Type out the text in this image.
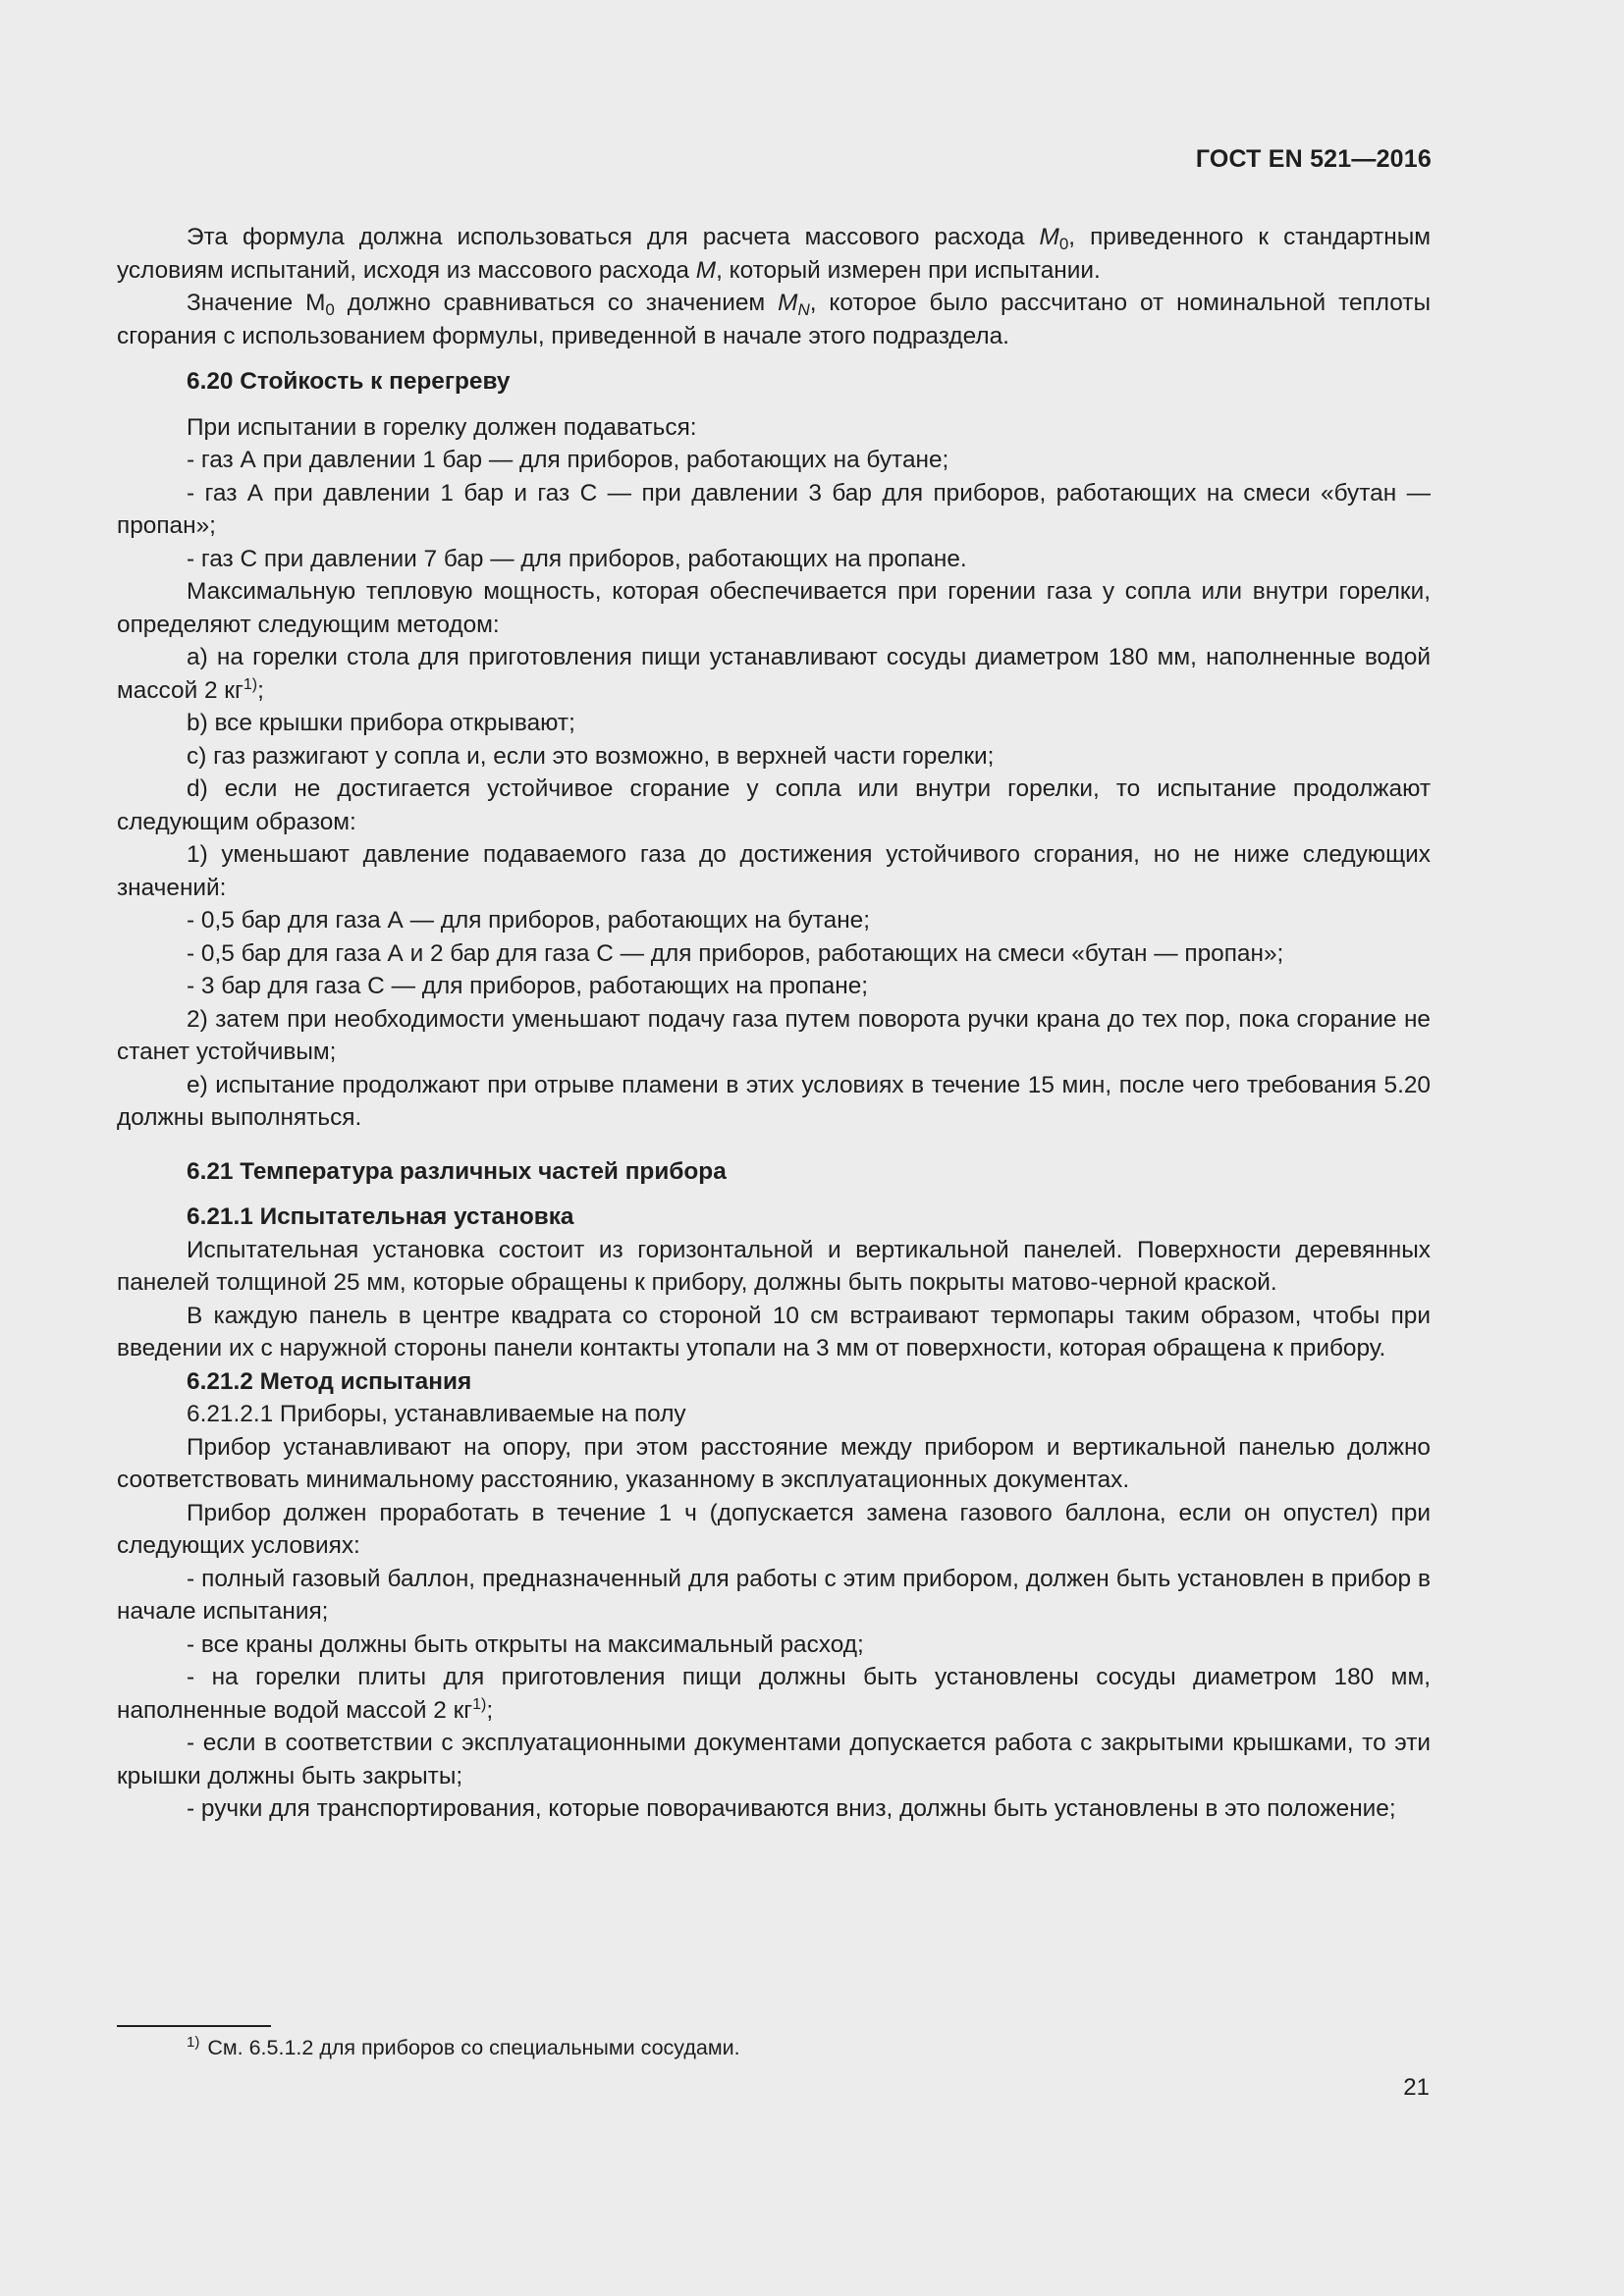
ГОСТ EN 521—2016

Эта формула должна использоваться для расчета массового расхода $M_0$, приведенного к стандартным условиям испытаний, исходя из массового расхода M, который измерен при испытании.

Значение $M_0$ должно сравниваться со значением $M_N$, которое было рассчитано от номинальной теплоты сгорания с использованием формулы, приведенной в начале этого подраздела.

6.20 Стойкость к перегреву

При испытании в горелку должен подаваться:

- газ А при давлении 1 бар — для приборов, работающих на бутане;

- газ А при давлении 1 бар и газ С — при давлении 3 бар для приборов, работающих на смеси «бутан — пропан»;

- газ С при давлении 7 бар — для приборов, работающих на пропане.

Максимальную тепловую мощность, которая обеспечивается при горении газа у сопла или внутри горелки, определяют следующим методом:

a) на горелки стола для приготовления пищи устанавливают сосуды диаметром 180 мм, наполненные водой массой 2 $кг^{1)}$;

b) все крышки прибора открывают;

c) газ разжигают у сопла и, если это возможно, в верхней части горелки;

d) если не достигается устойчивое сгорание у сопла или внутри горелки, то испытание продолжают следующим образом:

1) уменьшают давление подаваемого газа до достижения устойчивого сгорания, но не ниже следующих значений:

- 0,5 бар для газа А — для приборов, работающих на бутане;

- 0,5 бар для газа А и 2 бар для газа С — для приборов, работающих на смеси «бутан — пропан»;

- 3 бар для газа С — для приборов, работающих на пропане;

2) затем при необходимости уменьшают подачу газа путем поворота ручки крана до тех пор, пока сгорание не станет устойчивым;

e) испытание продолжают при отрыве пламени в этих условиях в течение 15 мин, после чего требования 5.20 должны выполняться.

6.21 Температура различных частей прибора
6.21.1 Испытательная установка

Испытательная установка состоит из горизонтальной и вертикальной панелей. Поверхности деревянных панелей толщиной 25 мм, которые обращены к прибору, должны быть покрыты матово-черной краской.

В каждую панель в центре квадрата со стороной 10 см встраивают термопары таким образом, чтобы при введении их с наружной стороны панели контакты утопали на 3 мм от поверхности, которая обращена к прибору.

6.21.2 Метод испытания

6.21.2.1 Приборы, устанавливаемые на полу

Прибор устанавливают на опору, при этом расстояние между прибором и вертикальной панелью должно соответствовать минимальному расстоянию, указанному в эксплуатационных документах.

Прибор должен проработать в течение 1 ч (допускается замена газового баллона, если он опустел) при следующих условиях:

- полный газовый баллон, предназначенный для работы с этим прибором, должен быть установлен в прибор в начале испытания;

- все краны должны быть открыты на максимальный расход;

- на горелки плиты для приготовления пищи должны быть установлены сосуды диаметром 180 мм, наполненные водой массой 2 $кг^{1)}$;

- если в соответствии с эксплуатационными документами допускается работа с закрытыми крышками, то эти крышки должны быть закрыты;

- ручки для транспортирования, которые поворачиваются вниз, должны быть установлены в это положение;

$^{1)}$ См. 6.5.1.2 для приборов со специальными сосудами.
21
